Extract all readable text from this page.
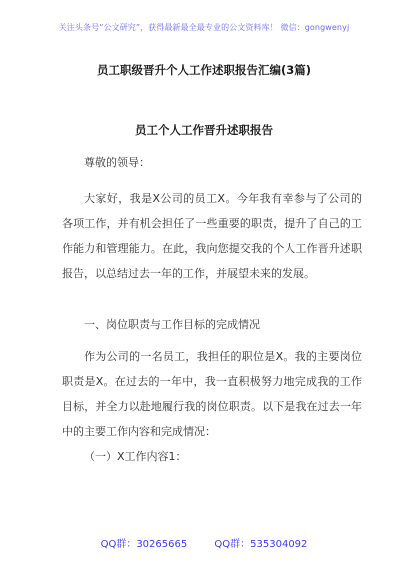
关注头条号“公文研究”，获得最新最全最专业的公文资料库！ 微信：gongwenyj
员工职级晋升个人工作述职报告汇编(3篇)
员工个人工作晋升述职报告
尊敬的领导：
大家好，我是X公司的员工X。今年我有幸参与了公司的各项工作，并有机会担任了一些重要的职责，提升了自己的工作能力和管理能力。在此，我向您提交我的个人工作晋升述职报告，以总结过去一年的工作，并展望未来的发展。
一、岗位职责与工作目标的完成情况
作为公司的一名员工，我担任的职位是X。我的主要岗位职责是X。在过去的一年中，我一直积极努力地完成我的工作目标，并全力以赴地履行我的岗位职责。以下是我在过去一年中的主要工作内容和完成情况：
（一）X工作内容1：
QQ群：30265665	QQ群：535304092
